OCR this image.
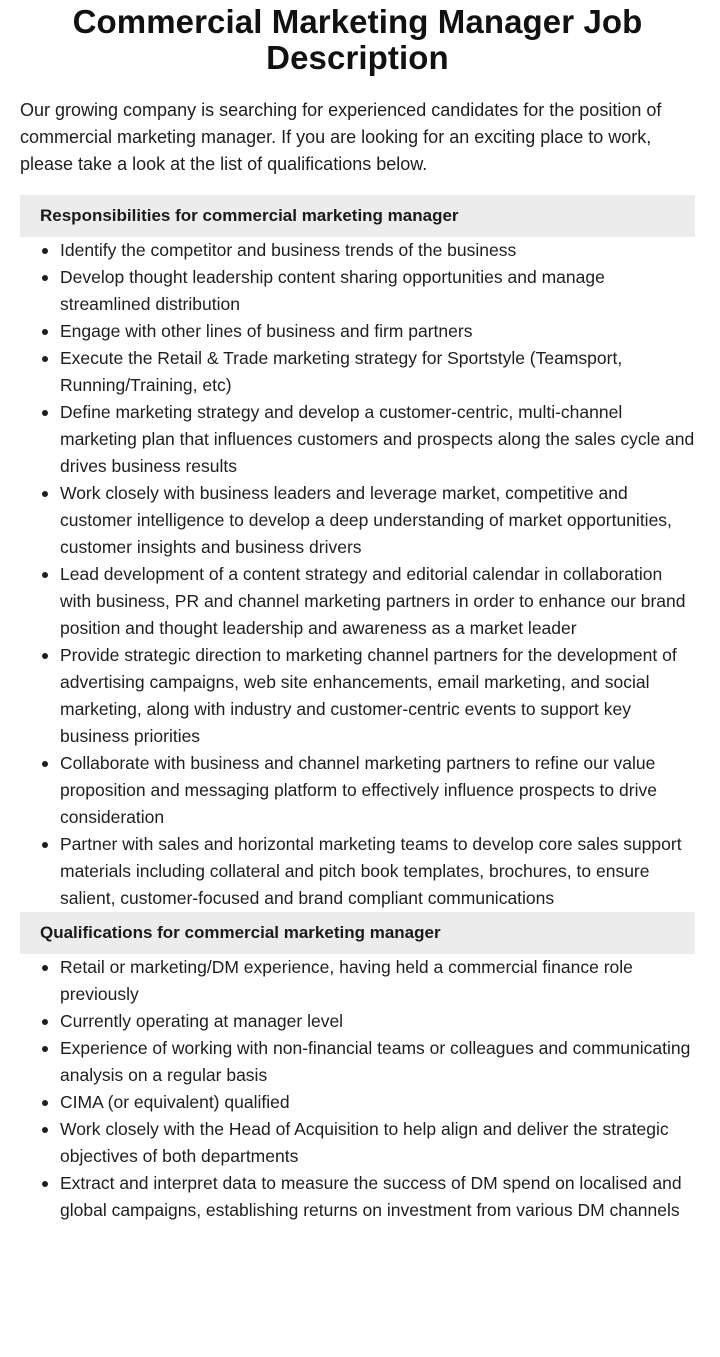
Commercial Marketing Manager Job Description

Our growing company is searching for experienced candidates for the position of commercial marketing manager. If you are looking for an exciting place to work, please take a look at the list of qualifications below.

Responsibilities for commercial marketing manager
Identify the competitor and business trends of the business
Develop thought leadership content sharing opportunities and manage streamlined distribution
Engage with other lines of business and firm partners
Execute the Retail & Trade marketing strategy for Sportstyle (Teamsport, Running/Training, etc)
Define marketing strategy and develop a customer-centric, multi-channel marketing plan that influences customers and prospects along the sales cycle and drives business results
Work closely with business leaders and leverage market, competitive and customer intelligence to develop a deep understanding of market opportunities, customer insights and business drivers
Lead development of a content strategy and editorial calendar in collaboration with business, PR and channel marketing partners in order to enhance our brand position and thought leadership and awareness as a market leader
Provide strategic direction to marketing channel partners for the development of advertising campaigns, web site enhancements, email marketing, and social marketing, along with industry and customer-centric events to support key business priorities
Collaborate with business and channel marketing partners to refine our value proposition and messaging platform to effectively influence prospects to drive consideration
Partner with sales and horizontal marketing teams to develop core sales support materials including collateral and pitch book templates, brochures, to ensure salient, customer-focused and brand compliant communications
Qualifications for commercial marketing manager
Retail or marketing/DM experience, having held a commercial finance role previously
Currently operating at manager level
Experience of working with non-financial teams or colleagues and communicating analysis on a regular basis
CIMA (or equivalent) qualified
Work closely with the Head of Acquisition to help align and deliver the strategic objectives of both departments
Extract and interpret data to measure the success of DM spend on localised and global campaigns, establishing returns on investment from various DM channels
